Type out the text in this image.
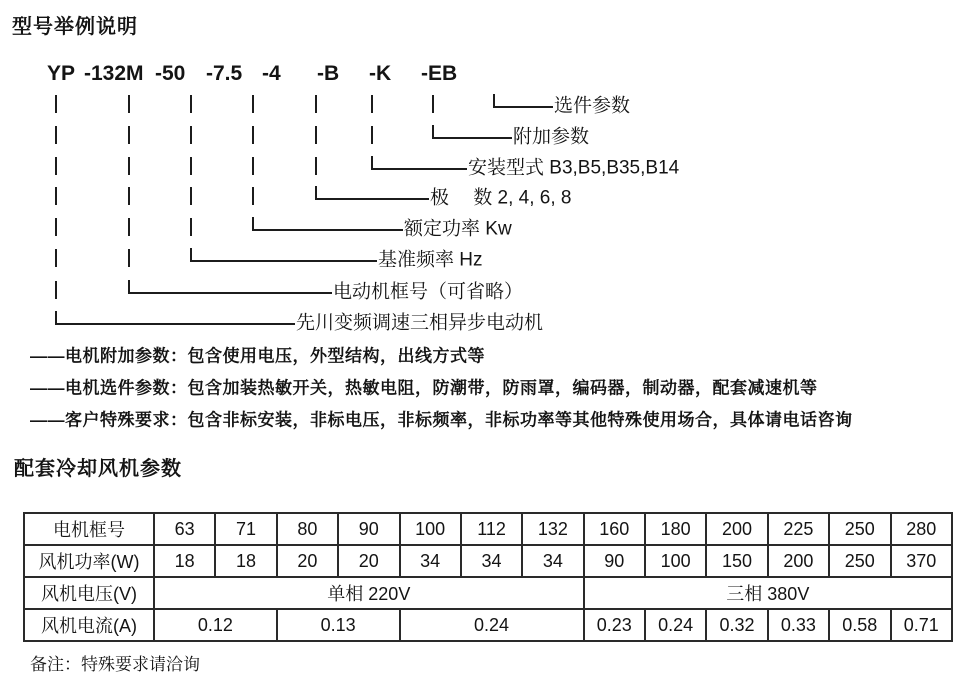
型号举例说明
YP -132M -50 -7.5 -4 -B -K -EB
选件参数
附加参数
安装型式 B3,B5,B35,B14
极　 数 2, 4, 6, 8
额定功率 Kw
基准频率 Hz
电动机框号（可省略）
先川变频调速三相异步电动机
——电机附加参数：包含使用电压，外型结构，出线方式等
——电机选件参数：包含加装热敏开关，热敏电阻，防潮带，防雨罩，编码器，制动器，配套减速机等
——客户特殊要求：包含非标安装，非标电压，非标频率，非标功率等其他特殊使用场合，具体请电话咨询
配套冷却风机参数
电机框号	63	71	80	90	100	112	132	160	180	200	225	250	280
风机功率(W)	18	18	20	20	34	34	34	90	100	150	200	250	370
风机电压(V)	单相 220V							三相 380V					
风机电流(A)	0.12		0.13		0.24			0.23	0.24	0.32	0.33	0.58	0.71
备注：特殊要求请洽询
